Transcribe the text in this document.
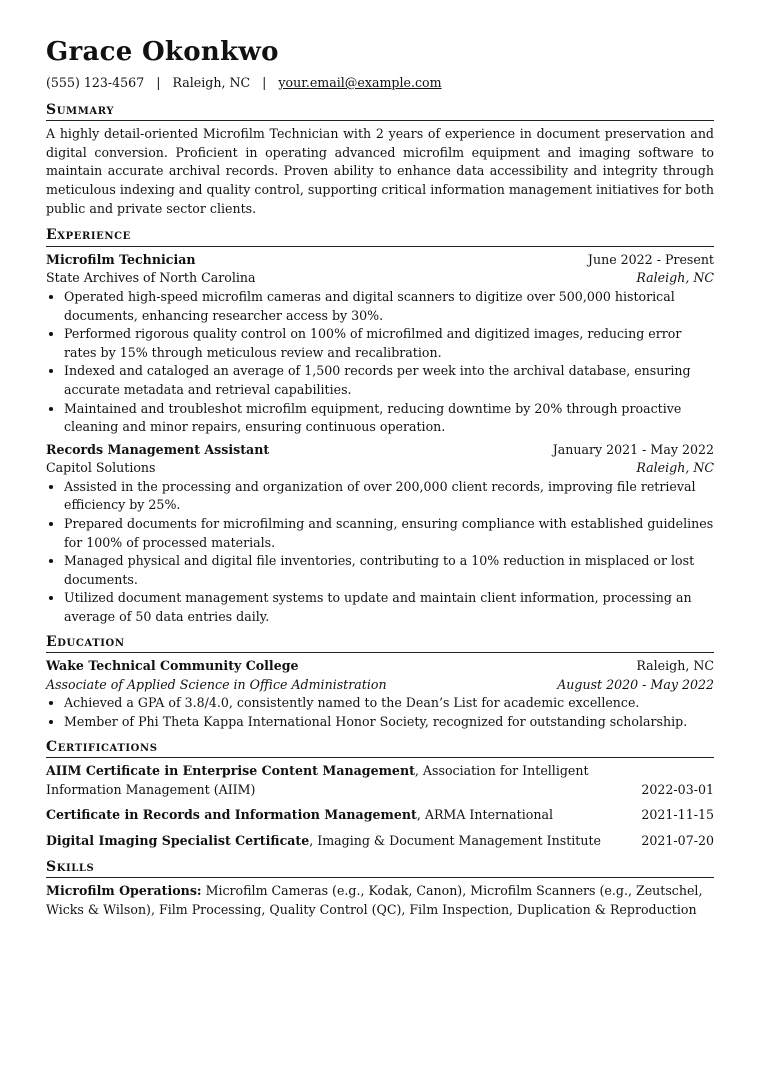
Grace Okonkwo
(555) 123-4567 | Raleigh, NC | your.email@example.com
Summary
A highly detail-oriented Microfilm Technician with 2 years of experience in document preservation and digital conversion. Proficient in operating advanced microfilm equipment and imaging software to maintain accurate archival records. Proven ability to enhance data accessibility and integrity through meticulous indexing and quality control, supporting critical information management initiatives for both public and private sector clients.
Experience
Microfilm Technician	June 2022 - Present
State Archives of North Carolina	Raleigh, NC
• Operated high-speed microfilm cameras and digital scanners to digitize over 500,000 historical documents, enhancing researcher access by 30%.
• Performed rigorous quality control on 100% of microfilmed and digitized images, reducing error rates by 15% through meticulous review and recalibration.
• Indexed and cataloged an average of 1,500 records per week into the archival database, ensuring accurate metadata and retrieval capabilities.
• Maintained and troubleshot microfilm equipment, reducing downtime by 20% through proactive cleaning and minor repairs, ensuring continuous operation.
Records Management Assistant	January 2021 - May 2022
Capitol Solutions	Raleigh, NC
• Assisted in the processing and organization of over 200,000 client records, improving file retrieval efficiency by 25%.
• Prepared documents for microfilming and scanning, ensuring compliance with established guidelines for 100% of processed materials.
• Managed physical and digital file inventories, contributing to a 10% reduction in misplaced or lost documents.
• Utilized document management systems to update and maintain client information, processing an average of 50 data entries daily.
Education
Wake Technical Community College	Raleigh, NC
Associate of Applied Science in Office Administration	August 2020 - May 2022
• Achieved a GPA of 3.8/4.0, consistently named to the Dean’s List for academic excellence.
• Member of Phi Theta Kappa International Honor Society, recognized for outstanding scholarship.
Certifications
AIIM Certificate in Enterprise Content Management, Association for Intelligent Information Management (AIIM)	2022-03-01
Certificate in Records and Information Management, ARMA International	2021-11-15
Digital Imaging Specialist Certificate, Imaging & Document Management Institute	2021-07-20
Skills
Microfilm Operations: Microfilm Cameras (e.g., Kodak, Canon), Microfilm Scanners (e.g., Zeutschel, Wicks & Wilson), Film Processing, Quality Control (QC), Film Inspection, Duplication & Reproduction
